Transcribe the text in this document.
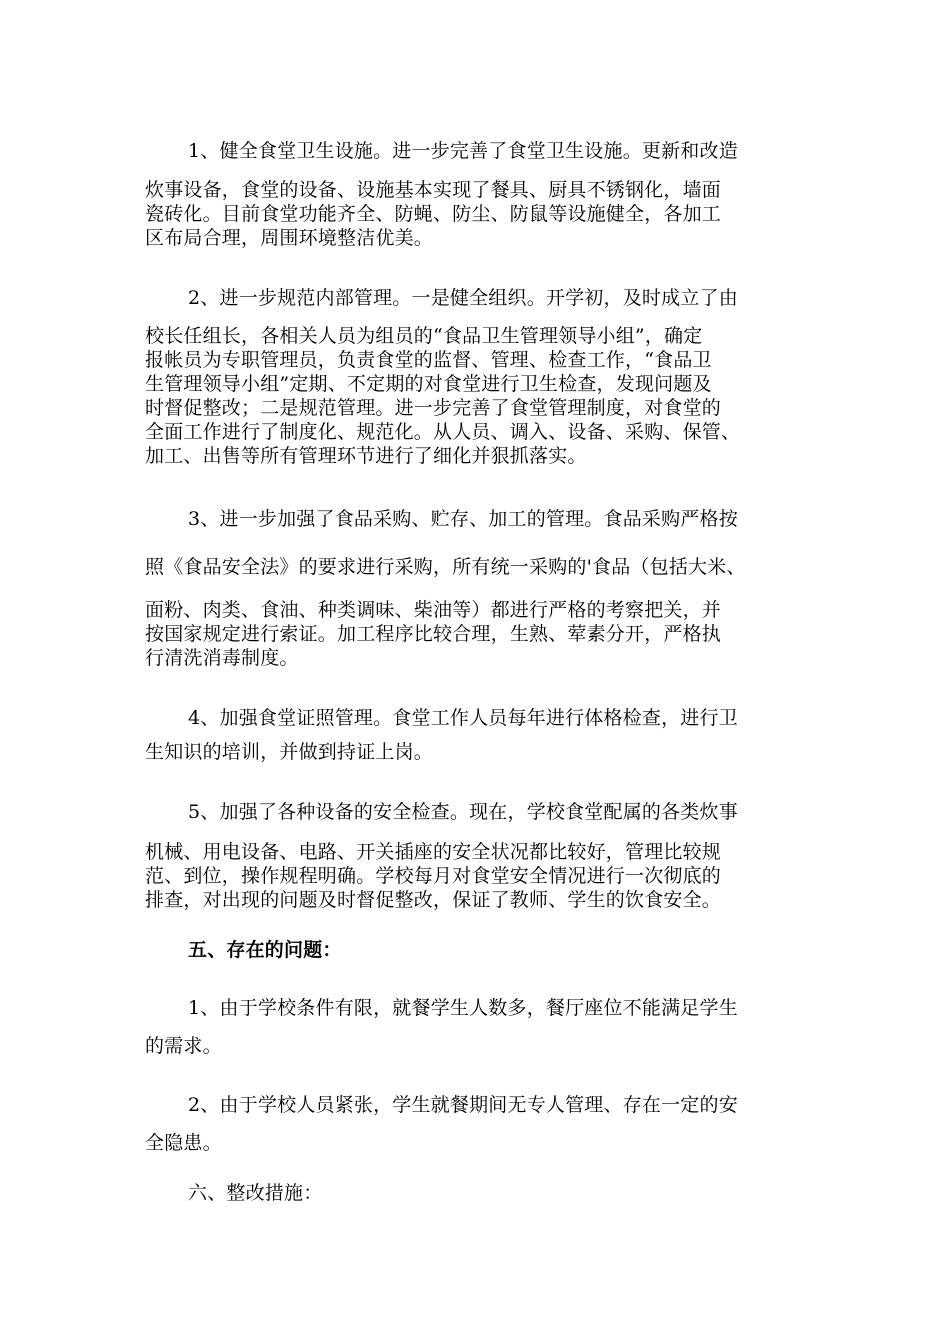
1、健全食堂卫生设施。进一步完善了食堂卫生设施。更新和改造
炊事设备，食堂的设备、设施基本实现了餐具、厨具不锈钢化，墙面
瓷砖化。目前食堂功能齐全、防蝇、防尘、防鼠等设施健全，各加工
区布局合理，周围环境整洁优美。
2、进一步规范内部管理。一是健全组织。开学初，及时成立了由
校长任组长，各相关人员为组员的“食品卫生管理领导小组”，确定
报帐员为专职管理员，负责食堂的监督、管理、检查工作，“食品卫
生管理领导小组”定期、不定期的对食堂进行卫生检查，发现问题及
时督促整改；二是规范管理。进一步完善了食堂管理制度，对食堂的
全面工作进行了制度化、规范化。从人员、调入、设备、采购、保管、
加工、出售等所有管理环节进行了细化并狠抓落实。
3、进一步加强了食品采购、贮存、加工的管理。食品采购严格按
照《食品安全法》的要求进行采购，所有统一采购的'食品（包括大米、
面粉、肉类、食油、种类调味、柴油等）都进行严格的考察把关，并
按国家规定进行索证。加工程序比较合理，生熟、荤素分开，严格执
行清洗消毒制度。
4、加强食堂证照管理。食堂工作人员每年进行体格检查，进行卫
生知识的培训，并做到持证上岗。
5、加强了各种设备的安全检查。现在，学校食堂配属的各类炊事
机械、用电设备、电路、开关插座的安全状况都比较好，管理比较规
范、到位，操作规程明确。学校每月对食堂安全情况进行一次彻底的
排查，对出现的问题及时督促整改，保证了教师、学生的饮食安全。
五、存在的问题：
1、由于学校条件有限，就餐学生人数多，餐厅座位不能满足学生
的需求。
2、由于学校人员紧张，学生就餐期间无专人管理、存在一定的安
全隐患。
六、整改措施：
